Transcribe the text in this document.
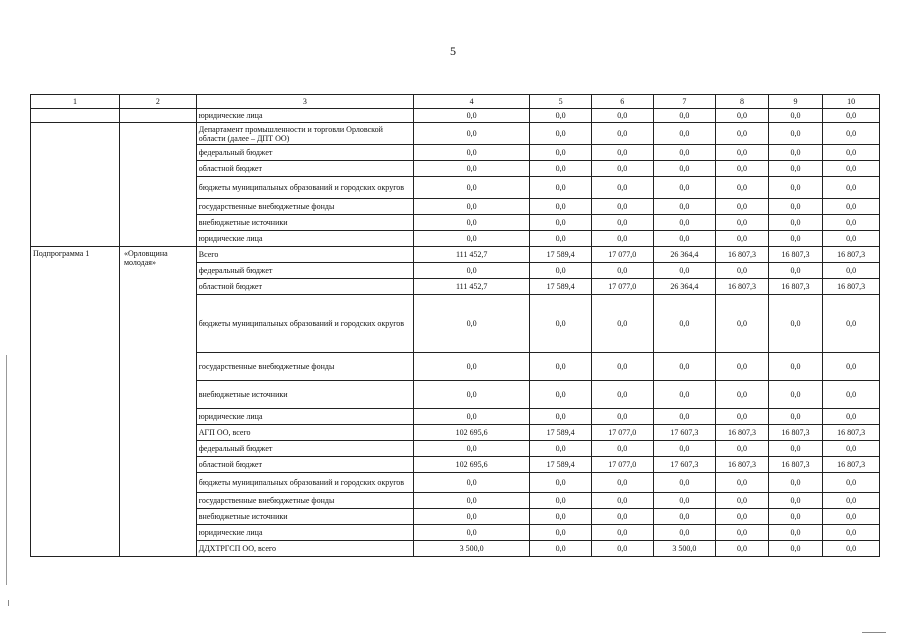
5
1	2	3	4	5	6	7	8	9	10
		юридические лица	0,0	0,0	0,0	0,0	0,0	0,0	0,0
		Департамент промышленности и торговли Орловской области (далее – ДПТ ОО)	0,0	0,0	0,0	0,0	0,0	0,0	0,0
		федеральный бюджет	0,0	0,0	0,0	0,0	0,0	0,0	0,0
		областной бюджет	0,0	0,0	0,0	0,0	0,0	0,0	0,0
		бюджеты муниципальных образований и городских округов	0,0	0,0	0,0	0,0	0,0	0,0	0,0
		государственные внебюджетные фонды	0,0	0,0	0,0	0,0	0,0	0,0	0,0
		внебюджетные источники	0,0	0,0	0,0	0,0	0,0	0,0	0,0
		юридические лица	0,0	0,0	0,0	0,0	0,0	0,0	0,0
Подпрограмма 1	«Орловщина молодая»	Всего	111 452,7	17 589,4	17 077,0	26 364,4	16 807,3	16 807,3	16 807,3
		федеральный бюджет	0,0	0,0	0,0	0,0	0,0	0,0	0,0
		областной бюджет	111 452,7	17 589,4	17 077,0	26 364,4	16 807,3	16 807,3	16 807,3
		бюджеты муниципальных образований и городских округов	0,0	0,0	0,0	0,0	0,0	0,0	0,0
		государственные внебюджетные фонды	0,0	0,0	0,0	0,0	0,0	0,0	0,0
		внебюджетные источники	0,0	0,0	0,0	0,0	0,0	0,0	0,0
		юридические лица	0,0	0,0	0,0	0,0	0,0	0,0	0,0
		АГП ОО, всего	102 695,6	17 589,4	17 077,0	17 607,3	16 807,3	16 807,3	16 807,3
		федеральный бюджет	0,0	0,0	0,0	0,0	0,0	0,0	0,0
		областной бюджет	102 695,6	17 589,4	17 077,0	17 607,3	16 807,3	16 807,3	16 807,3
		бюджеты муниципальных образований и городских округов	0,0	0,0	0,0	0,0	0,0	0,0	0,0
		государственные внебюджетные фонды	0,0	0,0	0,0	0,0	0,0	0,0	0,0
		внебюджетные источники	0,0	0,0	0,0	0,0	0,0	0,0	0,0
		юридические лица	0,0	0,0	0,0	0,0	0,0	0,0	0,0
		ДДХТРГСП ОО, всего	3 500,0	0,0	0,0	3 500,0	0,0	0,0	0,0
